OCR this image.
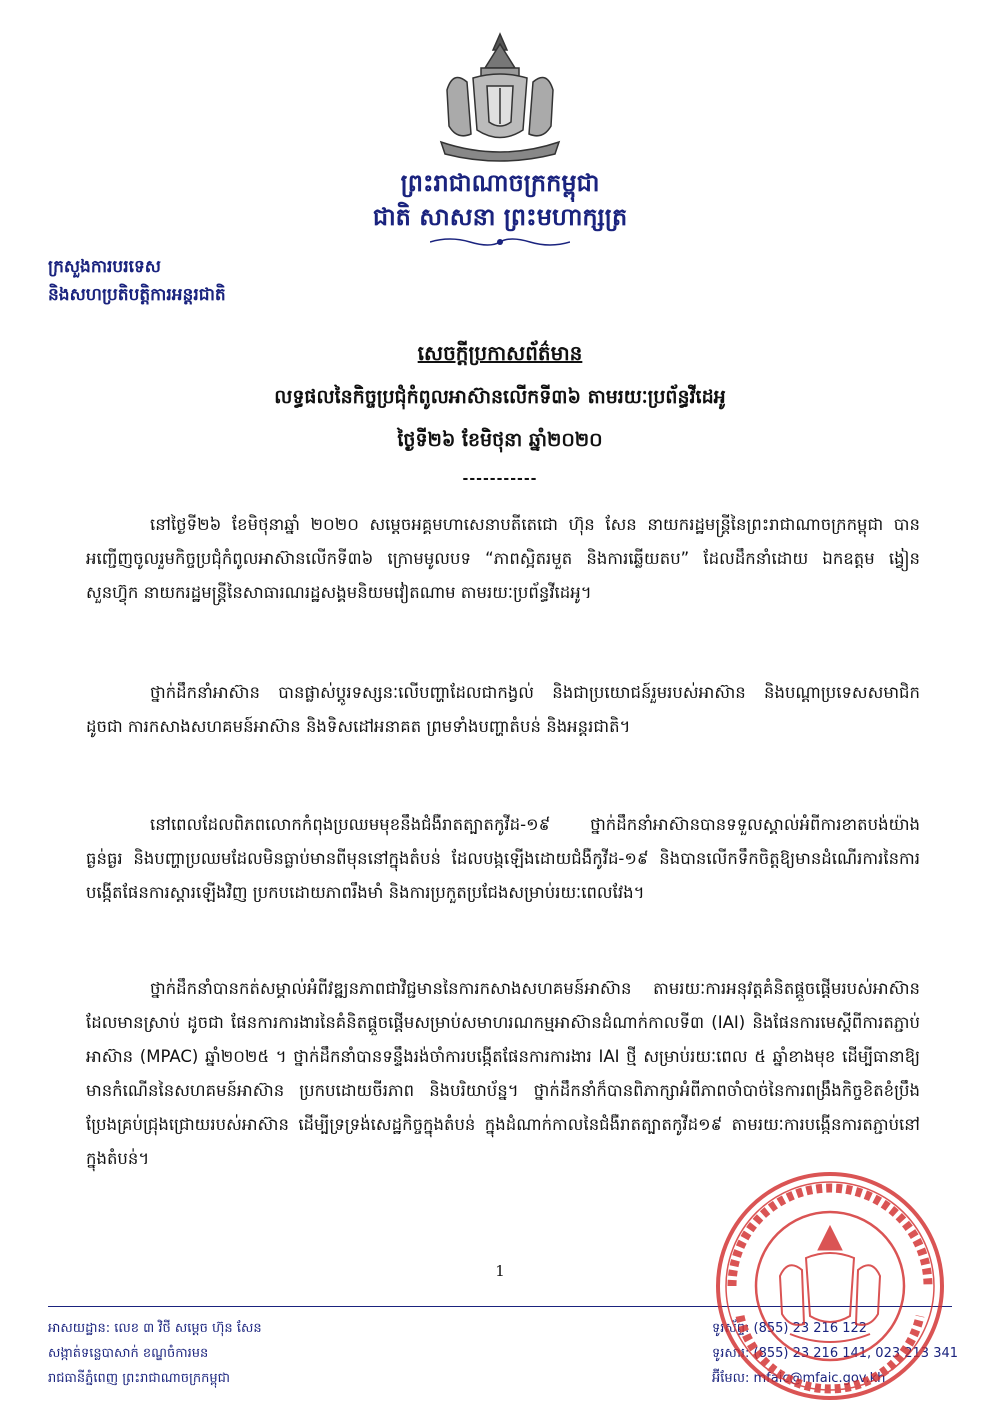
ព្រះរាជាណាចក្រកម្ពុជា
ជាតិ សាសនា ព្រះមហាក្សត្រ
ក្រសួងការបរទេស
និងសហប្រតិបត្តិការអន្តរជាតិ
សេចក្តីប្រកាសព័ត៌មាន
លទ្ធផលនៃកិច្ចប្រជុំកំពូលអាស៊ានលើកទី៣៦ តាមរយៈប្រព័ន្ធវីដេអូ
ថ្ងៃទី២៦ ខែមិថុនា ឆ្នាំ២០២០
-----------

នៅថ្ងៃទី២៦ ខែមិថុនាឆ្នាំ ២០២០ សម្តេចអគ្គមហាសេនាបតីតេជោ ហ៊ុន សែន នាយករដ្ឋមន្ត្រីនៃព្រះរាជាណាចក្រកម្ពុជា បានអញ្ជើញចូលរួមកិច្ចប្រជុំកំពូលអាស៊ានលើកទី៣៦ ក្រោមមូលបទ “ភាពស្អិតរមួត និងការឆ្លើយតប” ដែលដឹកនាំដោយ ឯកឧត្តម ង្វៀន សួនហ៊្វុក នាយករដ្ឋមន្ត្រីនៃសាធារណរដ្ឋសង្គមនិយមវៀតណាម តាមរយៈប្រព័ន្ធវីដេអូ។

ថ្នាក់ដឹកនាំអាស៊ាន បានផ្លាស់ប្តូរទស្សនៈលើបញ្ហាដែលជាកង្វល់ និងជាប្រយោជន៍រួមរបស់អាស៊ាន និងបណ្តាប្រទេសសមាជិក ដូចជា ការកសាងសហគមន៍អាស៊ាន និងទិសដៅអនាគត ព្រមទាំងបញ្ហាតំបន់ និងអន្តរជាតិ។

នៅពេលដែលពិភពលោកកំពុងប្រឈមមុខនឹងជំងឺរាតត្បាតកូវីដ-១៩ ថ្នាក់ដឹកនាំអាស៊ានបានទទួលស្គាល់អំពីការខាតបង់យ៉ាងធ្ងន់ធ្ងរ និងបញ្ហាប្រឈមដែលមិនធ្លាប់មានពីមុននៅក្នុងតំបន់ ដែលបង្កឡើងដោយជំងឺកូវីដ-១៩ និងបានលើកទឹកចិត្តឱ្យមានដំណើរការនៃការបង្កើតផែនការស្តារឡើងវិញ ប្រកបដោយភាពរឹងមាំ និងការប្រកួតប្រជែងសម្រាប់រយៈពេលវែង។

ថ្នាក់ដឹកនាំបានកត់សម្គាល់អំពីវឌ្ឍនភាពជាវិជ្ជមាននៃការកសាងសហគមន៍អាស៊ាន តាមរយៈការអនុវត្តគំនិតផ្តួចផ្តើមរបស់អាស៊ានដែលមានស្រាប់ ដូចជា ផែនការការងារនៃគំនិតផ្តួចផ្តើមសម្រាប់សមាហរណកម្មអាស៊ានដំណាក់កាលទី៣ (IAI) និងផែនការមេស្តីពីការតភ្ជាប់អាស៊ាន (MPAC) ឆ្នាំ២០២៥ ។ ថ្នាក់ដឹកនាំបានទន្ទឹងរង់ចាំការបង្កើតផែនការការងារ IAI ថ្មី សម្រាប់រយៈពេល ៥ ឆ្នាំខាងមុខ ដើម្បីធានាឱ្យមានកំណើននៃសហគមន៍អាស៊ាន ប្រកបដោយចីរភាព និងបរិយាប័ន្ន។ ថ្នាក់ដឹកនាំក៏បានពិភាក្សាអំពីភាពចាំបាច់នៃការពង្រឹងកិច្ចខិតខំប្រឹងប្រែងគ្រប់ជ្រុងជ្រោយរបស់អាស៊ាន ដើម្បីទ្រទ្រង់សេដ្ឋកិច្ចក្នុងតំបន់ ក្នុងដំណាក់កាលនៃជំងឺរាតត្បាតកូវីដ១៩ តាមរយៈការបង្កើនការតភ្ជាប់នៅក្នុងតំបន់។

1
អាសយដ្ឋាន: លេខ ៣ វិថី សម្តេច ហ៊ុន សែន
សង្កាត់ទន្លេបាសាក់ ខណ្ឌចំការមន
រាជធានីភ្នំពេញ ព្រះរាជាណាចក្រកម្ពុជា
ទូរស័ព្ទ: (855) 23 216 122
ទូរសារ: (855) 23 216 141, 023 213 341
អ៊ីមែល: mfaic@mfaic.gov.kh
